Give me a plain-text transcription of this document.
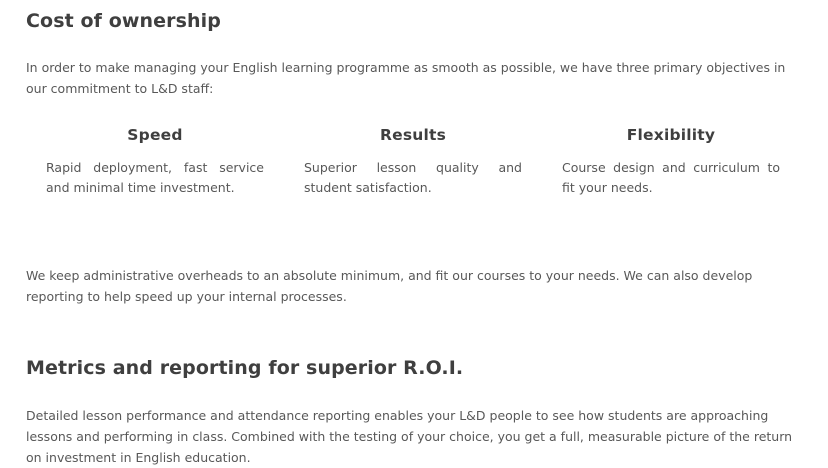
Cost of ownership

In order to make managing your English learning programme as smooth as possible, we have three primary objectives in our commitment to L&D staff:

Speed
Rapid deployment, fast service and minimal time investment.
Results
Superior lesson quality and student satisfaction.
Flexibility
Course design and curriculum to fit your needs.

We keep administrative overheads to an absolute minimum, and fit our courses to your needs. We can also develop reporting to help speed up your internal processes.

Metrics and reporting for superior R.O.I.

Detailed lesson performance and attendance reporting enables your L&D people to see how students are approaching lessons and performing in class. Combined with the testing of your choice, you get a full, measurable picture of the return on investment in English education.
